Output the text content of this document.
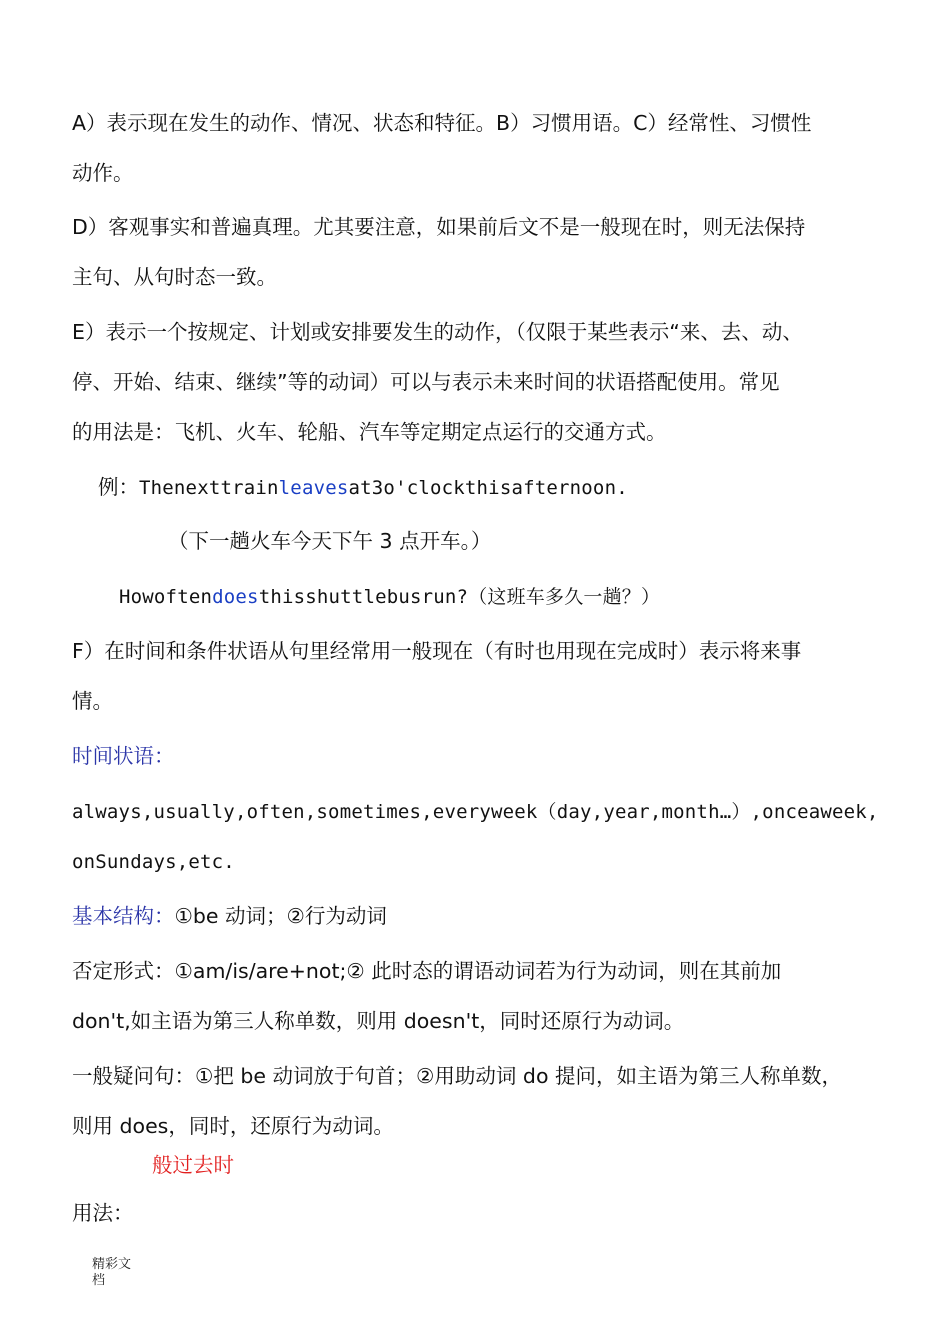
A）表示现在发生的动作、情况、状态和特征。B）习惯用语。C）经常性、习惯性
动作。
D）客观事实和普遍真理。尤其要注意，如果前后文不是一般现在时，则无法保持
主句、从句时态一致。
E）表示一个按规定、计划或安排要发生的动作，（仅限于某些表示“来、去、动、
停、开始、结束、继续”等的动词）可以与表示未来时间的状语搭配使用。常见
的用法是：飞机、火车、轮船、汽车等定期定点运行的交通方式。
例：Thenexttrainleavesat3o'clockthisafternoon.
（下一趟火车今天下午 3 点开车。）
Howoftendoesthisshuttlebusrun?（这班车多久一趟？）
F）在时间和条件状语从句里经常用一般现在（有时也用现在完成时）表示将来事
情。
时间状语：
always,usually,often,sometimes,everyweek（day,year,month…）,onceaweek,
onSundays,etc.
基本结构：①be 动词；②行为动词
否定形式：①am/is/are+not;② 此时态的谓语动词若为行为动词，则在其前加
don't,如主语为第三人称单数，则用 doesn't，同时还原行为动词。
一般疑问句：①把 be 动词放于句首；②用助动词 do 提问，如主语为第三人称单数，
则用 does，同时，还原行为动词。
般过去时
用法：
精彩文档
